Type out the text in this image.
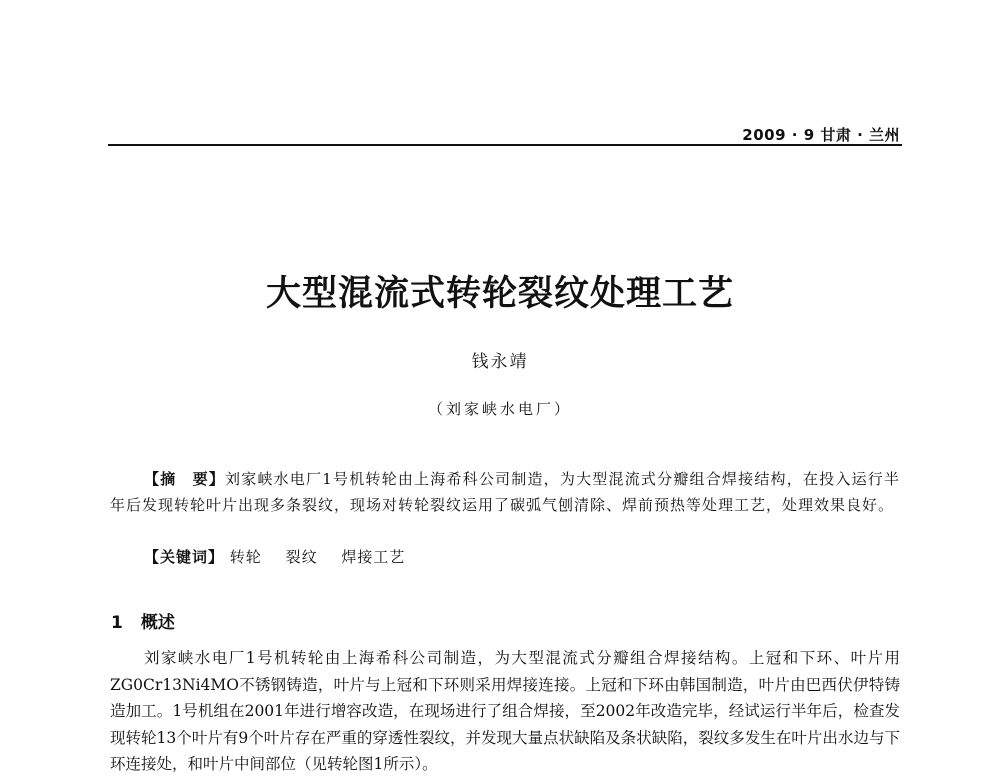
2009 · 9 甘肃 · 兰州
大型混流式转轮裂纹处理工艺
钱永靖
（刘家峡水电厂）
【摘　要】刘家峡水电厂1号机转轮由上海希科公司制造，为大型混流式分瓣组合焊接结构，在投入运行半年后发现转轮叶片出现多条裂纹，现场对转轮裂纹运用了碳弧气刨清除、焊前预热等处理工艺，处理效果良好。
【关键词】 转轮 裂纹 焊接工艺
1 概述
刘家峡水电厂1号机转轮由上海希科公司制造，为大型混流式分瓣组合焊接结构。上冠和下环、叶片用ZG0Cr13Ni4MO不锈钢铸造，叶片与上冠和下环则采用焊接连接。上冠和下环由韩国制造，叶片由巴西伏伊特铸造加工。1号机组在2001年进行增容改造，在现场进行了组合焊接，至2002年改造完毕，经试运行半年后，检查发现转轮13个叶片有9个叶片存在严重的穿透性裂纹，并发现大量点状缺陷及条状缺陷，裂纹多发生在叶片出水边与下环连接处，和叶片中间部位（见转轮图1所示）。
